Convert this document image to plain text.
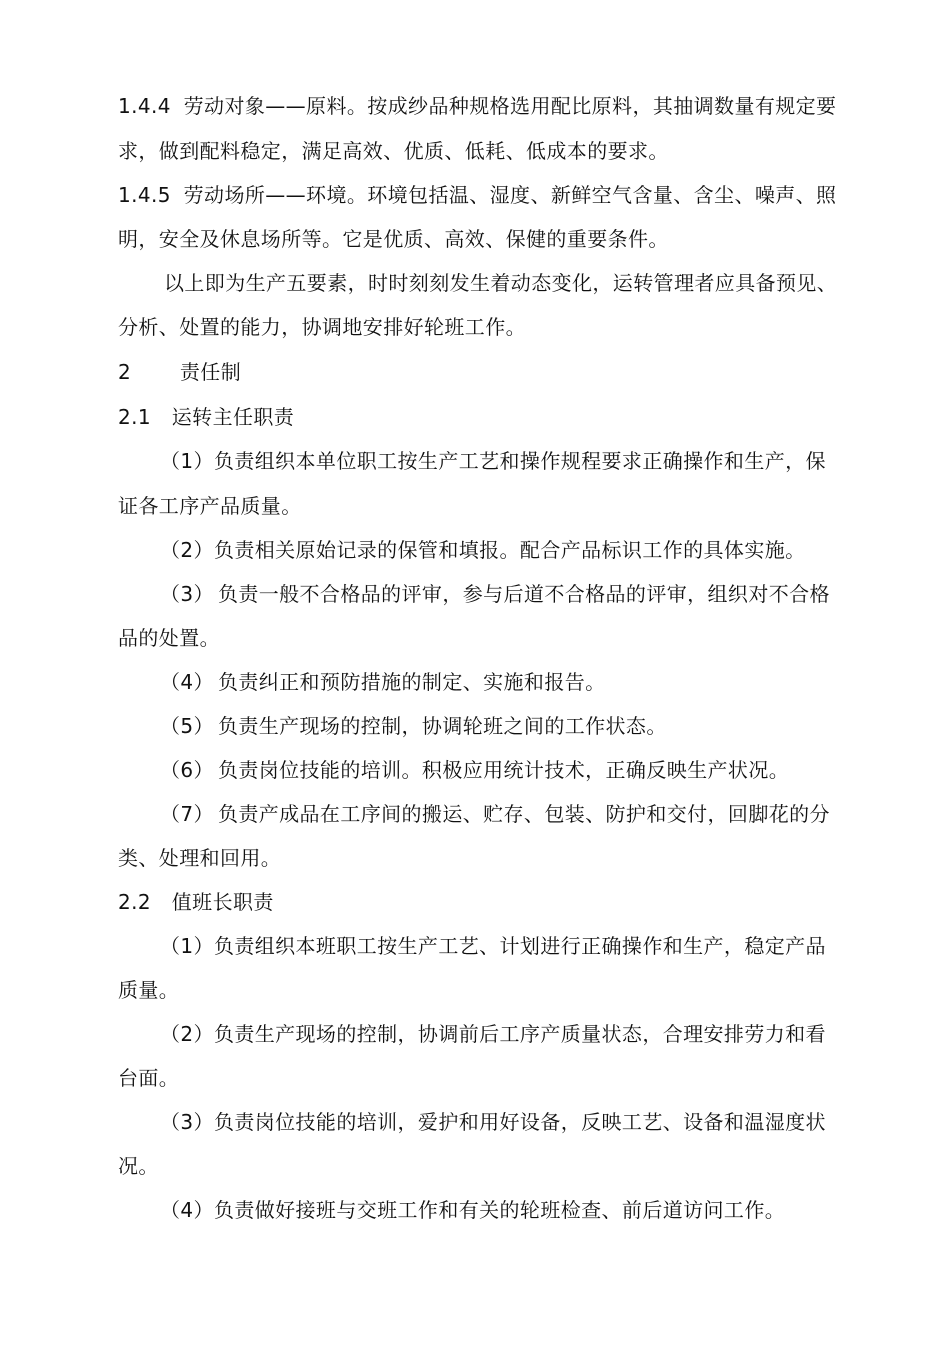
1.4.4 劳动对象——原料。按成纱品种规格选用配比原料，其抽调数量有规定要
求，做到配料稳定，满足高效、优质、低耗、低成本的要求。
1.4.5 劳动场所——环境。环境包括温、湿度、新鲜空气含量、含尘、噪声、照
明，安全及休息场所等。它是优质、高效、保健的重要条件。
以上即为生产五要素，时时刻刻发生着动态变化，运转管理者应具备预见、
分析、处置的能力，协调地安排好轮班工作。
2 责任制
2.1 运转主任职责
（1）负责组织本单位职工按生产工艺和操作规程要求正确操作和生产，保
证各工序产品质量。
（2）负责相关原始记录的保管和填报。配合产品标识工作的具体实施。
（3） 负责一般不合格品的评审，参与后道不合格品的评审，组织对不合格
品的处置。
（4） 负责纠正和预防措施的制定、实施和报告。
（5） 负责生产现场的控制，协调轮班之间的工作状态。
（6） 负责岗位技能的培训。积极应用统计技术，正确反映生产状况。
（7） 负责产成品在工序间的搬运、贮存、包装、防护和交付，回脚花的分
类、处理和回用。
2.2 值班长职责
（1）负责组织本班职工按生产工艺、计划进行正确操作和生产，稳定产品
质量。
（2）负责生产现场的控制，协调前后工序产质量状态，合理安排劳力和看
台面。
（3）负责岗位技能的培训，爱护和用好设备，反映工艺、设备和温湿度状
况。
（4）负责做好接班与交班工作和有关的轮班检查、前后道访问工作。
